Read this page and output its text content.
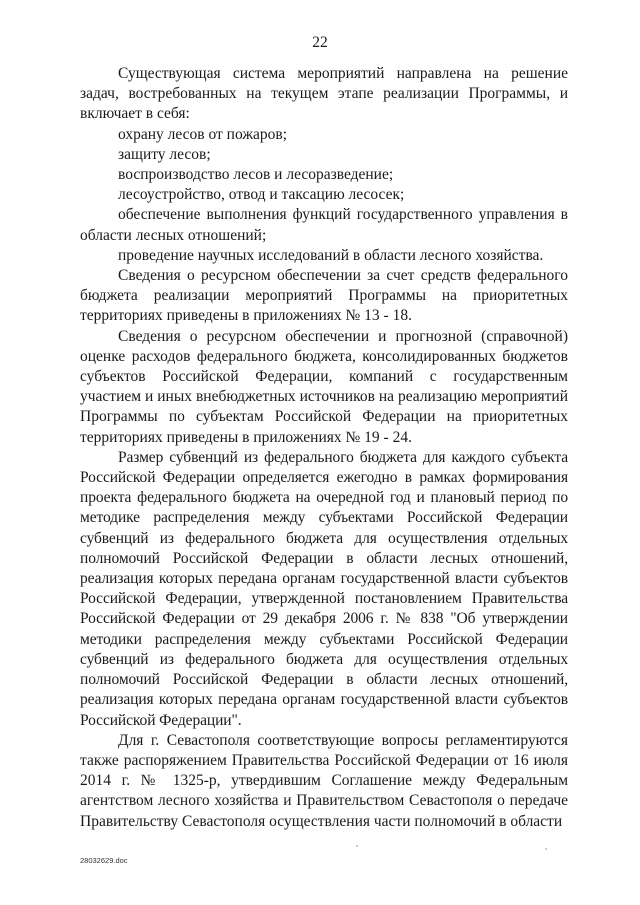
22

Существующая система мероприятий направлена на решение задач, востребованных на текущем этапе реализации Программы, и включает в себя:

охрану лесов от пожаров;

защиту лесов;

воспроизводство лесов и лесоразведение;

лесоустройство, отвод и таксацию лесосек;

обеспечение выполнения функций государственного управления в области лесных отношений;

проведение научных исследований в области лесного хозяйства.

Сведения о ресурсном обеспечении за счет средств федерального бюджета реализации мероприятий Программы на приоритетных территориях приведены в приложениях № 13 - 18.

Сведения о ресурсном обеспечении и прогнозной (справочной) оценке расходов федерального бюджета, консолидированных бюджетов субъектов Российской Федерации, компаний с государственным участием и иных внебюджетных источников на реализацию мероприятий Программы по субъектам Российской Федерации на приоритетных территориях приведены в приложениях № 19 - 24.

Размер субвенций из федерального бюджета для каждого субъекта Российской Федерации определяется ежегодно в рамках формирования проекта федерального бюджета на очередной год и плановый период по методике распределения между субъектами Российской Федерации субвенций из федерального бюджета для осуществления отдельных полномочий Российской Федерации в области лесных отношений, реализация которых передана органам государственной власти субъектов Российской Федерации, утвержденной постановлением Правительства Российской Федерации от 29 декабря 2006 г. № 838 "Об утверждении методики распределения между субъектами Российской Федерации субвенций из федерального бюджета для осуществления отдельных полномочий Российской Федерации в области лесных отношений, реализация которых передана органам государственной власти субъектов Российской Федерации".

Для г. Севастополя соответствующие вопросы регламентируются также распоряжением Правительства Российской Федерации от 16 июля 2014 г. № 1325-р, утвердившим Соглашение между Федеральным агентством лесного хозяйства и Правительством Севастополя о передаче Правительству Севастополя осуществления части полномочий в области

28032629.doc
